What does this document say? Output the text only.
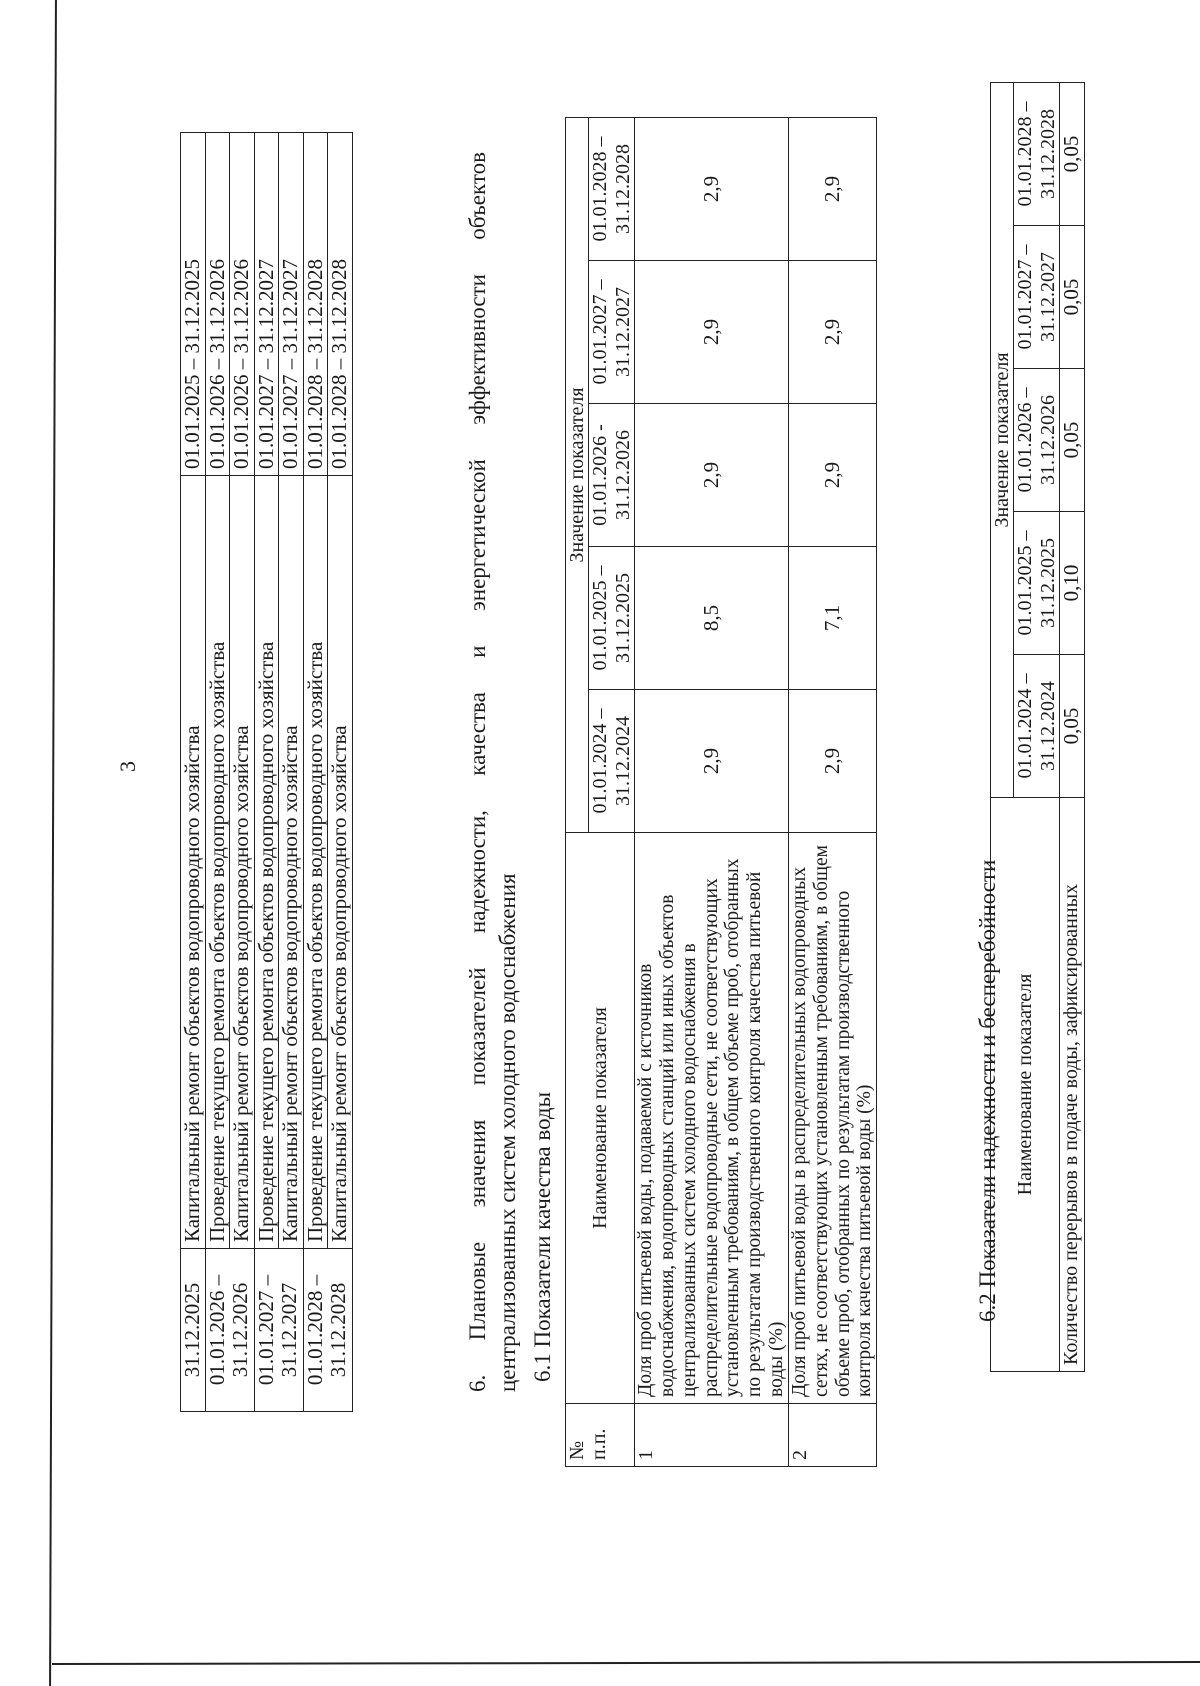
3
31.12.2025	Капитальный ремонт объектов водопроводного хозяйства	01.01.2025 – 31.12.2025
01.01.2026 – 31.12.2026	Проведение текущего ремонта объектов водопроводного хозяйства	01.01.2026 – 31.12.2026
	Капитальный ремонт объектов водопроводного хозяйства	01.01.2026 – 31.12.2026
01.01.2027 – 31.12.2027	Проведение текущего ремонта объектов водопроводного хозяйства	01.01.2027 – 31.12.2027
	Капитальный ремонт объектов водопроводного хозяйства	01.01.2027 – 31.12.2027
01.01.2028 – 31.12.2028	Проведение текущего ремонта объектов водопроводного хозяйства	01.01.2028 – 31.12.2028
	Капитальный ремонт объектов водопроводного хозяйства	01.01.2028 – 31.12.2028	6. Плановые значения показателей надежности, качества и энергетической эффективности объектов централизованных систем холодного водоснабжения 6.1 Показатели качества воды
№ п.п.	Наименование показателя	Значение показателя				
		01.01.2024 – 31.12.2024	01.01.2025 – 31.12.2025	01.01.2026 - 31.12.2026	01.01.2027 – 31.12.2027	01.01.2028 – 31.12.2028
1	Доля проб питьевой воды, подаваемой с источников водоснабжения, водопроводных станций или иных объектов централизованных систем холодного водоснабжения в распределительные водопроводные сети, не соответствующих установленным требованиям, в общем объеме проб, отобранных по результатам производственного контроля качества питьевой воды (%)	2,9	8,5	2,9	2,9	2,9
2	Доля проб питьевой воды в распределительных водопроводных сетях, не соответствующих установленным требованиям, в общем объеме проб, отобранных по результатам производственного контроля качества питьевой воды (%)	2,9	7,1	2,9	2,9	2,9
6.2 Показатели надежности и бесперебойности Наименование показателя	Значение показателя				
	01.01.2024 – 31.12.2024	01.01.2025 – 31.12.2025	01.01.2026 – 31.12.2026	01.01.2027 – 31.12.2027	01.01.2028 – 31.12.2028
Количество перерывов в подаче воды, зафиксированных	0,05	0,10	0,05	0,05	0,05
